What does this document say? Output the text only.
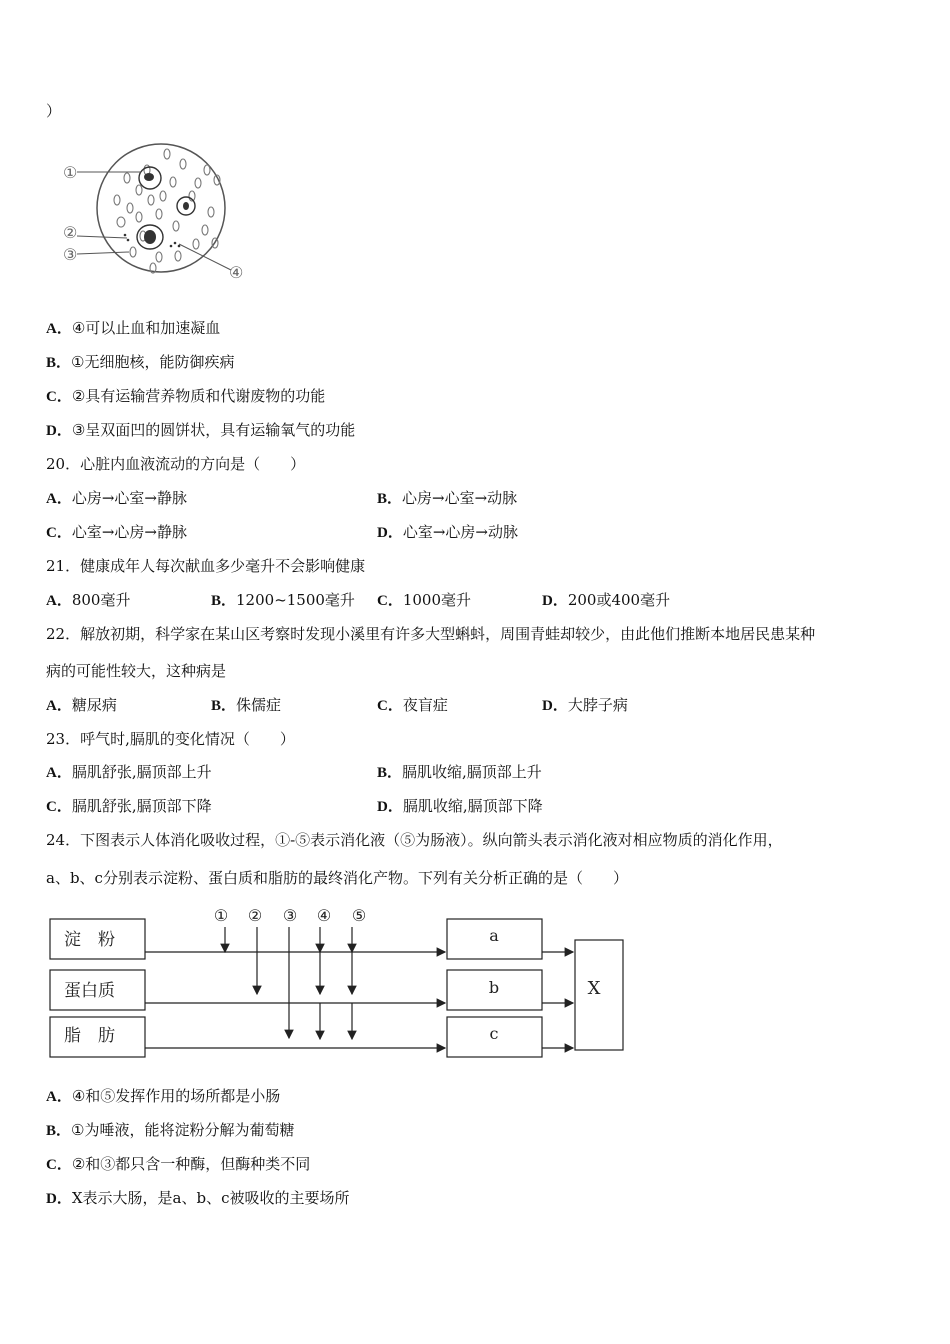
）
①
②
③
④
A．④可以止血和加速凝血
B．①无细胞核，能防御疾病
C．②具有运输营养物质和代谢废物的功能
D．③呈双面凹的圆饼状，具有运输氧气的功能
20．心脏内血液流动的方向是（　　）
A．心房→心室→静脉	B．心房→心室→动脉
C．心室→心房→静脉	D．心室→心房→动脉
21．健康成年人每次献血多少毫升不会影响健康
A．800毫升	B．1200~1500毫升 C．1000毫升	D．200或400毫升
22．解放初期，科学家在某山区考察时发现小溪里有许多大型蝌蚪，周围青蛙却较少，由此他们推断本地居民患某种
病的可能性较大，这种病是
A．糖尿病	B．侏儒症	C．夜盲症	D．大脖子病
23．呼气时,膈肌的变化情况（　　）
A．膈肌舒张,膈顶部上升	B．膈肌收缩,膈顶部上升
C．膈肌舒张,膈顶部下降	D．膈肌收缩,膈顶部下降
24．下图表示人体消化吸收过程，①-⑤表示消化液（⑤为肠液）。纵向箭头表示消化液对相应物质的消化作用，
a、b、c分别表示淀粉、蛋白质和脂肪的最终消化产物。下列有关分析正确的是（　　）
淀　粉
蛋白质
脂　肪
① ② ③ ④ ⑤
a
b
c
X
A．④和⑤发挥作用的场所都是小肠
B．①为唾液，能将淀粉分解为葡萄糖
C．②和③都只含一种酶，但酶种类不同
D．X表示大肠，是a、b、c被吸收的主要场所
